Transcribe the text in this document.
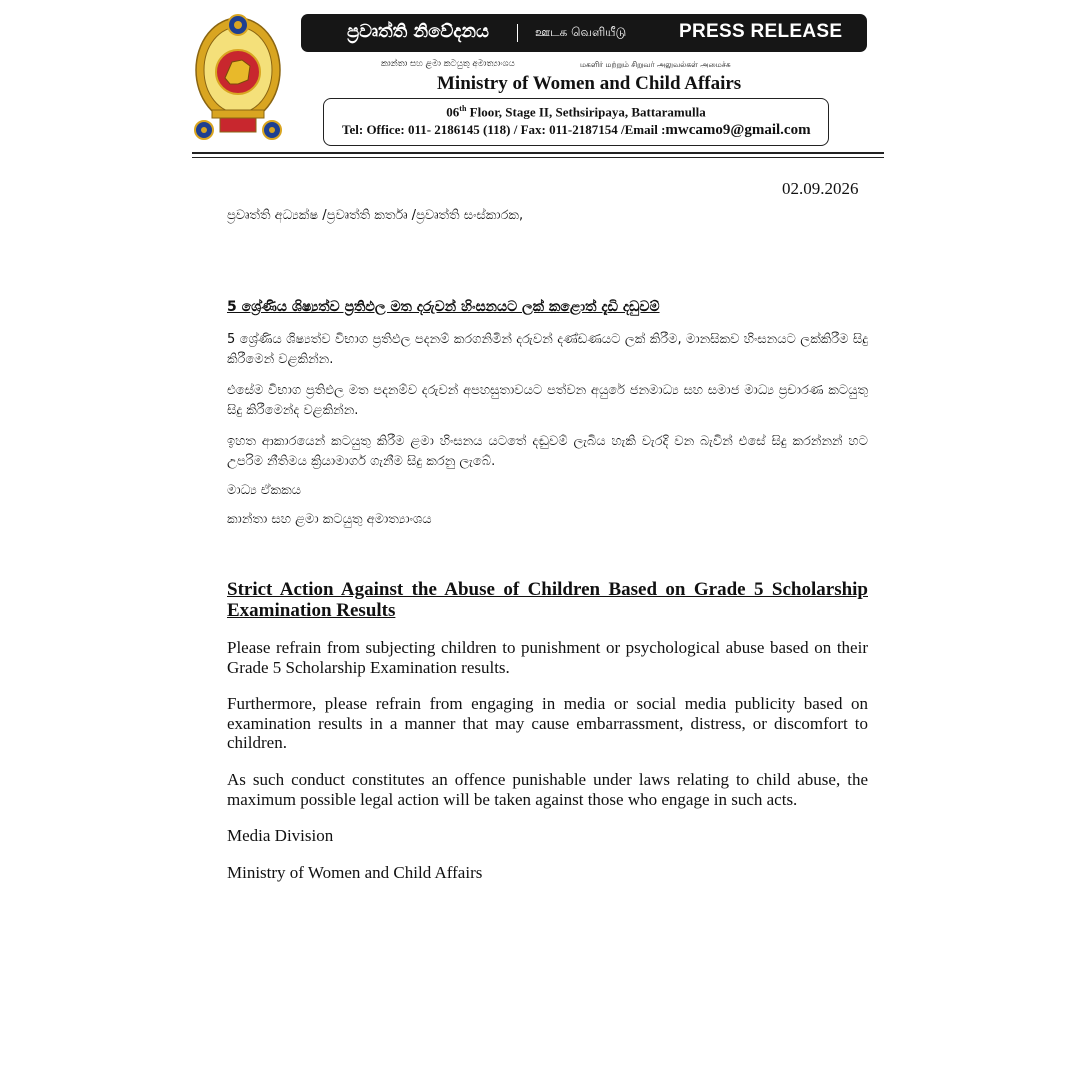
ප්‍රවෘත්ති නිවේදනය	ஊடக வெளியீடு	PRESS RELEASE
කාන්තා සහ ළමා කටයුතු අමාත්‍යාංශය	மகளிர் மற்றும் சிறுவர் அலுவல்கள் அமைச்சு
Ministry of Women and Child Affairs
06th Floor, Stage II, Sethsiripaya, Battaramulla
Tel: Office: 011- 2186145 (118) / Fax: 011-2187154 /Email :mwcamo9@gmail.com
02.09.2026
ප්‍රවෘත්ති අධ්‍යක්ෂ /ප්‍රවෘත්ති කර්තෘ /ප්‍රවෘත්ති සංස්කාරක,
5 ශ්‍රේණිය ශිෂ්‍යත්ව ප්‍රතිඵල මත දරුවන් හිංසනයට ලක් කළොත් දැඩි දඩුවම්

5 ශ්‍රේණිය ශිෂ්‍යත්ව විභාග ප්‍රතිඵල පදනම් කරගනිමින් දරුවන් දණ්ඩණයට ලක් කිරීම, මානසිකව හිංසනයට ලක්කිරීම සිදු කිරීමෙන් වළකින්න.

එසේම විභාග ප්‍රතිඵල මත පදනම්ව දරුවන් අපහසුතාවයට පත්වන අයුරේ ජනමාධ්‍ය සහ සමාජ මාධ්‍ය ප්‍රචාරණ කටයුතු සිදු කිරීමෙන්ද වළකින්න.

ඉහත ආකාරයෙන් කටයුතු කිරීම ළමා හිංසනය යටතේ දඬුවම් ලැබිය හැකි වැරදි වන බැවින් එසේ සිදු කරන්නන් හට උපරිම නීතිමය ක්‍රියාමාර්ග ගැනීම සිදු කරනු ලැබේ.

මාධ්‍ය ඒකකය
කාන්තා සහ ළමා කටයුතු අමාත්‍යාංශය
Strict Action Against the Abuse of Children Based on Grade 5 Scholarship Examination Results

Please refrain from subjecting children to punishment or psychological abuse based on their Grade 5 Scholarship Examination results.

Furthermore, please refrain from engaging in media or social media publicity based on examination results in a manner that may cause embarrassment, distress, or discomfort to children.

As such conduct constitutes an offence punishable under laws relating to child abuse, the maximum possible legal action will be taken against those who engage in such acts.

Media Division
Ministry of Women and Child Affairs
